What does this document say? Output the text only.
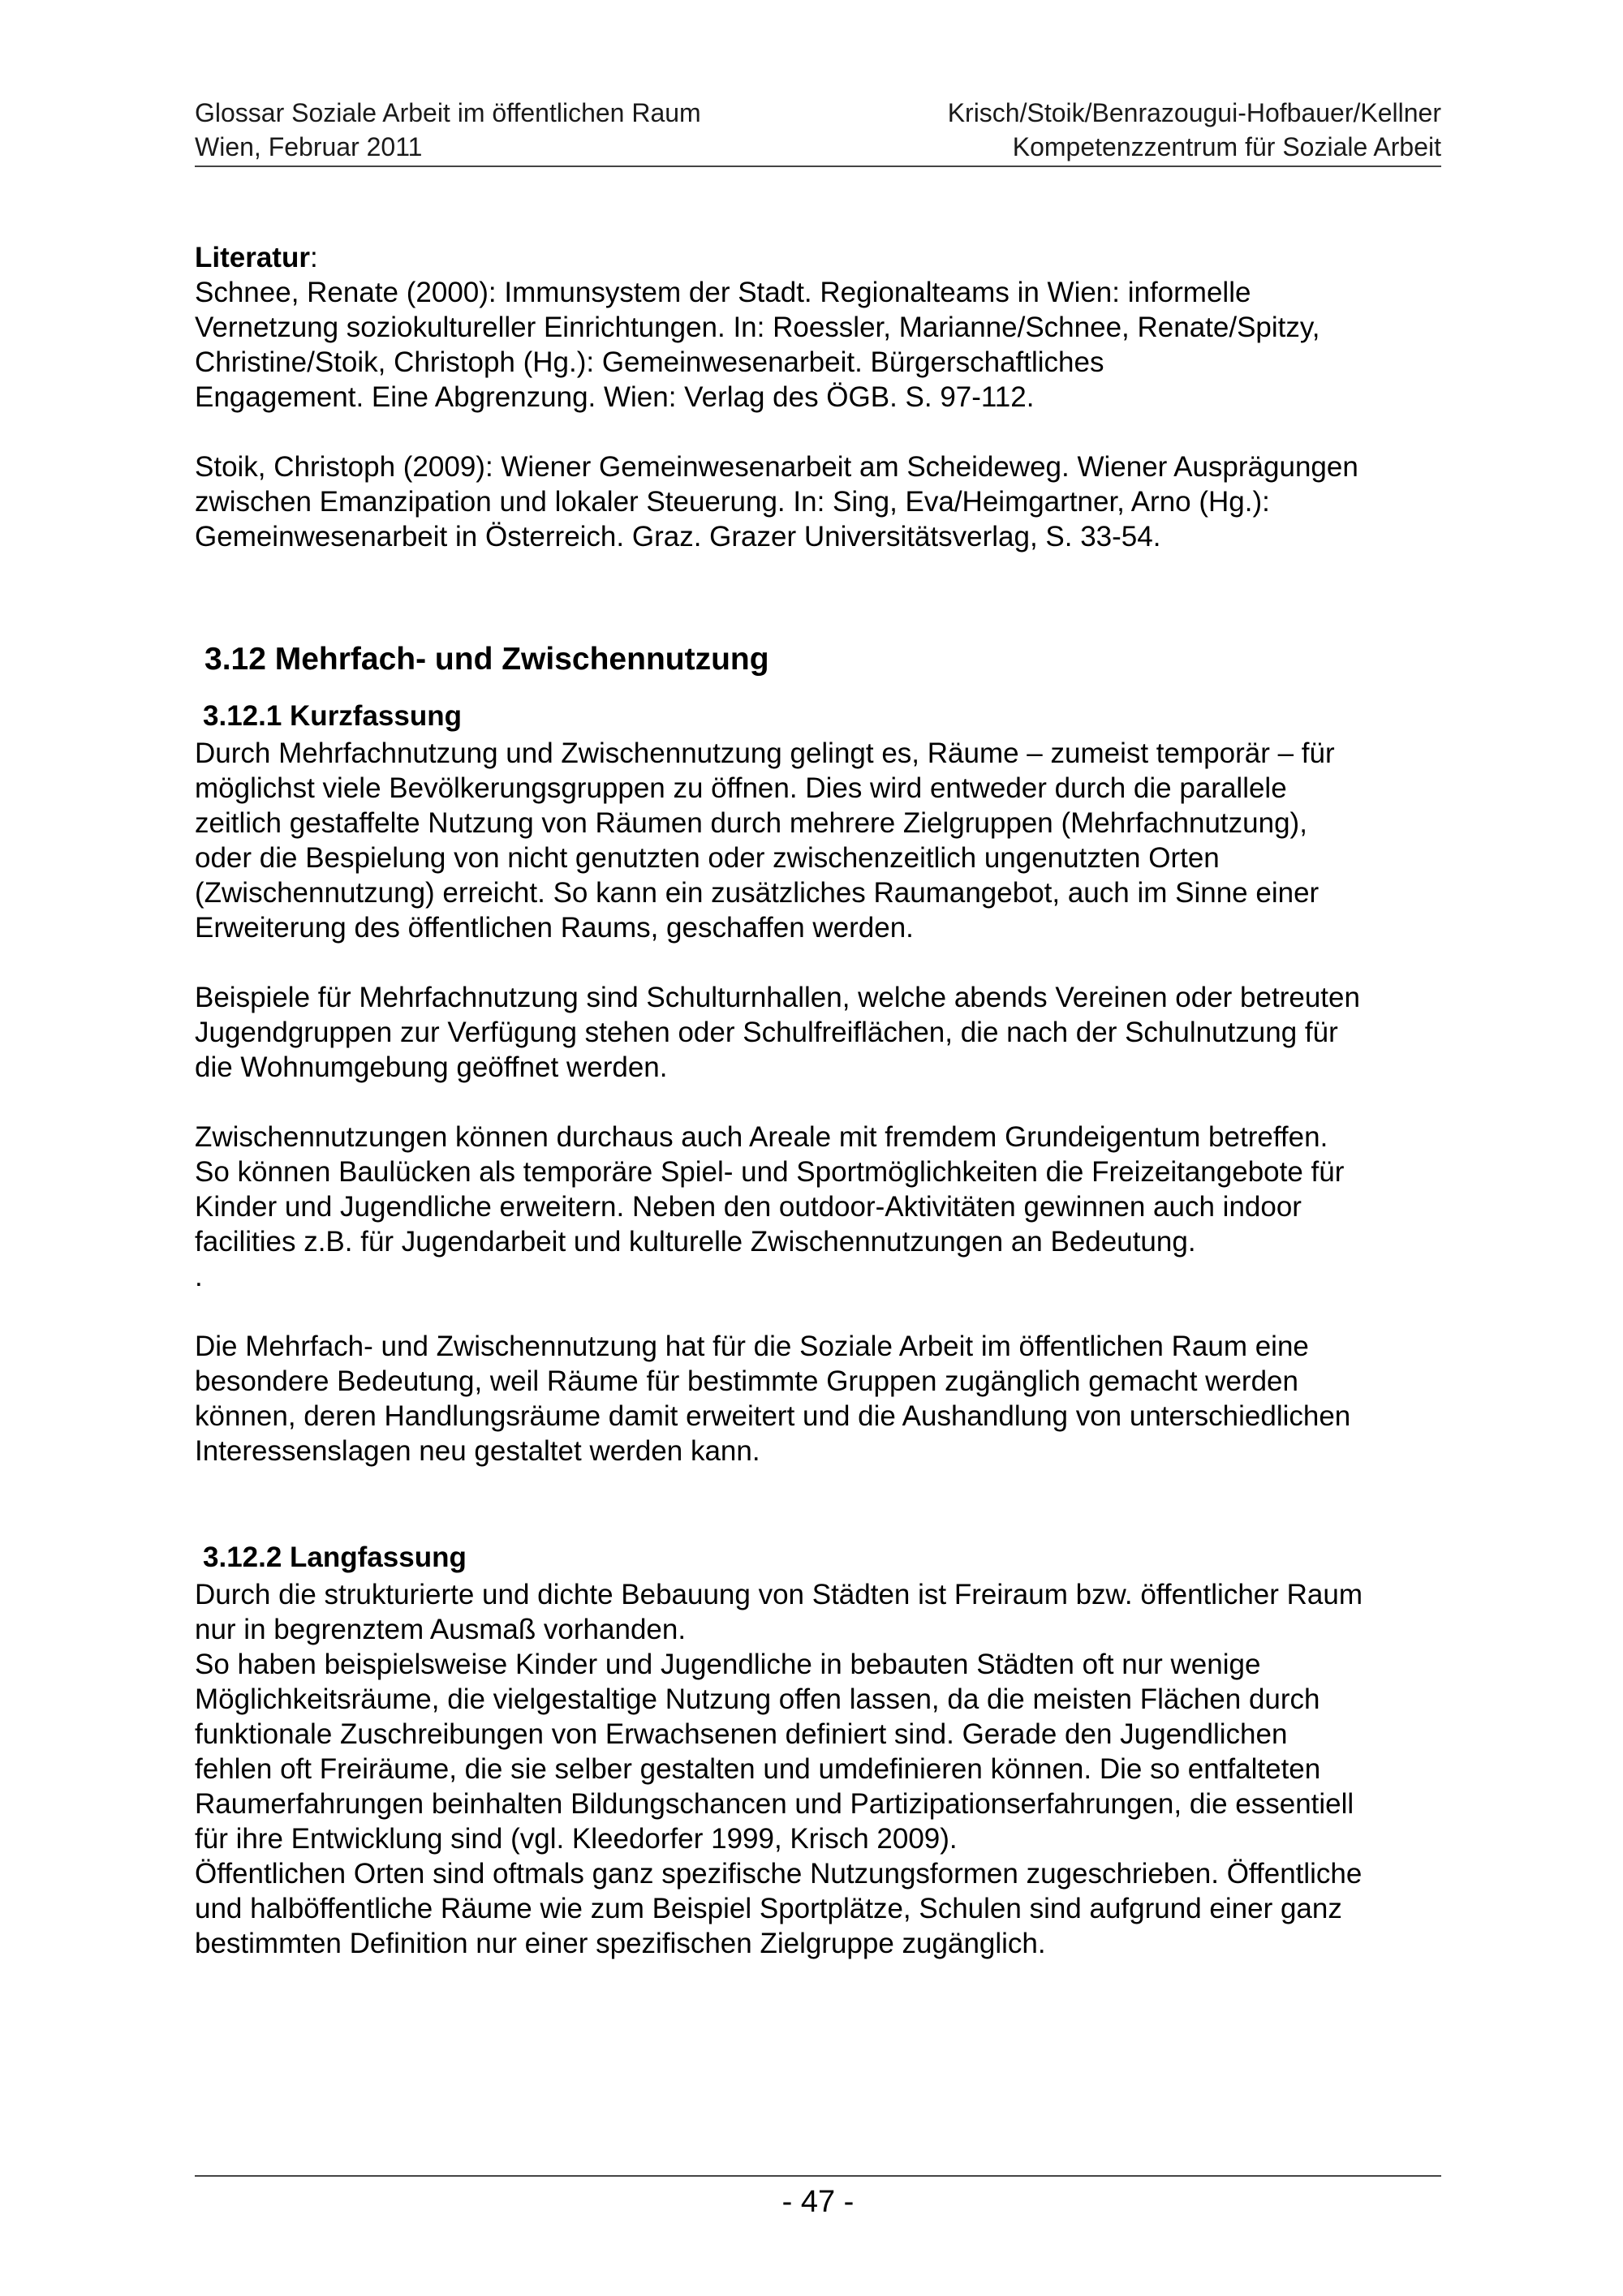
Glossar Soziale Arbeit im öffentlichen Raum
Wien, Februar 2011
Krisch/Stoik/Benrazougui-Hofbauer/Kellner
Kompetenzzentrum für Soziale Arbeit

Literatur:

Schnee, Renate (2000): Immunsystem der Stadt. Regionalteams in Wien: informelle
Vernetzung soziokultureller Einrichtungen. In: Roessler, Marianne/Schnee, Renate/Spitzy,
Christine/Stoik, Christoph (Hg.): Gemeinwesenarbeit. Bürgerschaftliches
Engagement. Eine Abgrenzung. Wien: Verlag des ÖGB. S. 97-112.

Stoik, Christoph (2009): Wiener Gemeinwesenarbeit am Scheideweg. Wiener Ausprägungen
zwischen Emanzipation und lokaler Steuerung. In: Sing, Eva/Heimgartner, Arno (Hg.):
Gemeinwesenarbeit in Österreich. Graz. Grazer Universitätsverlag, S. 33-54.

3.12 Mehrfach- und Zwischennutzung
3.12.1 Kurzfassung

Durch Mehrfachnutzung und Zwischennutzung gelingt es, Räume – zumeist temporär – für
möglichst viele Bevölkerungsgruppen zu öffnen. Dies wird entweder durch die parallele
zeitlich gestaffelte Nutzung von Räumen durch mehrere Zielgruppen (Mehrfachnutzung),
oder die Bespielung von nicht genutzten oder zwischenzeitlich ungenutzten Orten
(Zwischennutzung) erreicht. So kann ein zusätzliches Raumangebot, auch im Sinne einer
Erweiterung des öffentlichen Raums, geschaffen werden.

Beispiele für Mehrfachnutzung sind Schulturnhallen, welche abends Vereinen oder betreuten
Jugendgruppen zur Verfügung stehen oder Schulfreiflächen, die nach der Schulnutzung für
die Wohnumgebung geöffnet werden.

Zwischennutzungen können durchaus auch Areale mit fremdem Grundeigentum betreffen.
So können Baulücken als temporäre Spiel- und Sportmöglichkeiten die Freizeitangebote für
Kinder und Jugendliche erweitern. Neben den outdoor-Aktivitäten gewinnen auch indoor
facilities z.B. für Jugendarbeit und kulturelle Zwischennutzungen an Bedeutung.
.

Die Mehrfach- und Zwischennutzung hat für die Soziale Arbeit im öffentlichen Raum eine
besondere Bedeutung, weil Räume für bestimmte Gruppen zugänglich gemacht werden
können, deren Handlungsräume damit erweitert und die Aushandlung von unterschiedlichen
Interessenslagen neu gestaltet werden kann.

3.12.2 Langfassung

Durch die strukturierte und dichte Bebauung von Städten ist Freiraum bzw. öffentlicher Raum
nur in begrenztem Ausmaß vorhanden.
So haben beispielsweise Kinder und Jugendliche in bebauten Städten oft nur wenige
Möglichkeitsräume, die vielgestaltige Nutzung offen lassen, da die meisten Flächen durch
funktionale Zuschreibungen von Erwachsenen definiert sind. Gerade den Jugendlichen
fehlen oft Freiräume, die sie selber gestalten und umdefinieren können. Die so entfalteten
Raumerfahrungen beinhalten Bildungschancen und Partizipationserfahrungen, die essentiell
für ihre Entwicklung sind (vgl. Kleedorfer 1999, Krisch 2009).
Öffentlichen Orten sind oftmals ganz spezifische Nutzungsformen zugeschrieben. Öffentliche
und halböffentliche Räume wie zum Beispiel Sportplätze, Schulen sind aufgrund einer ganz
bestimmten Definition nur einer spezifischen Zielgruppe zugänglich.

- 47 -
